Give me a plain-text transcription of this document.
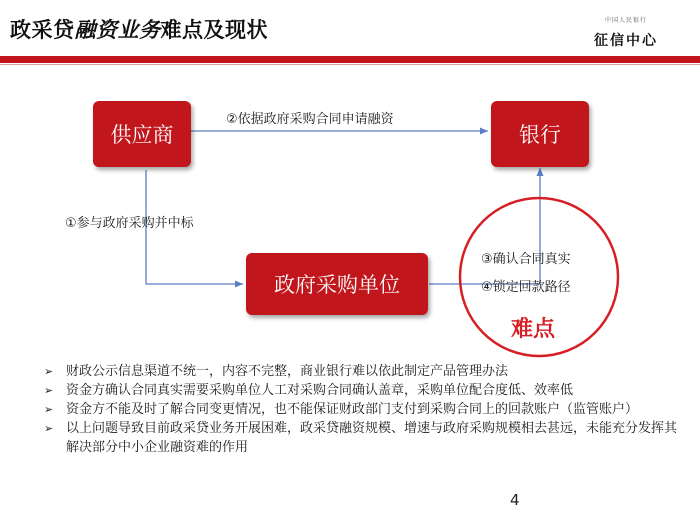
政采贷融资业务难点及现状	中国人民银行
征信中心
供应商	银行
政府采购单位
②依据政府采购合同申请融资
①参与政府采购并中标
③确认合同真实
④锁定回款路径
难点
➢ 财政公示信息渠道不统一，内容不完整，商业银行难以依此制定产品管理办法
➢ 资金方确认合同真实需要采购单位人工对采购合同确认盖章，采购单位配合度低、效率低
➢ 资金方不能及时了解合同变更情况，也不能保证财政部门支付到采购合同上的回款账户（监管账户）
➢ 以上问题导致目前政采贷业务开展困难，政采贷融资规模、增速与政府采购规模相去甚远，未能充分发挥其解决部分中小企业融资难的作用
4
